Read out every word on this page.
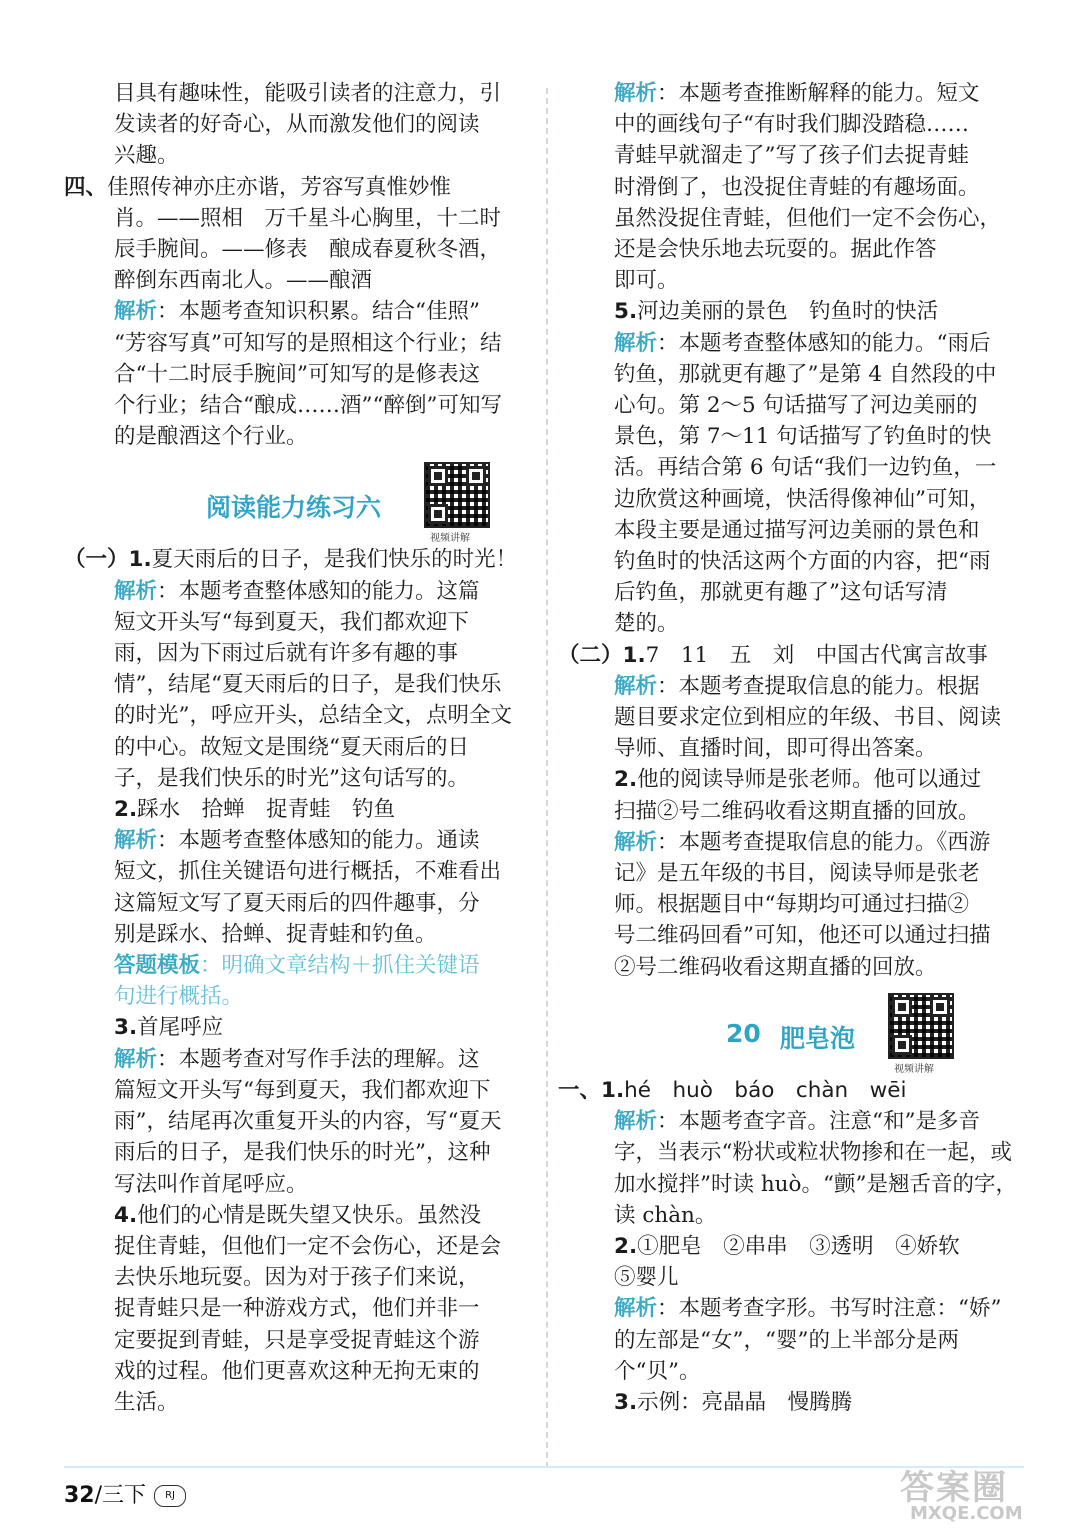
目具有趣味性，能吸引读者的注意力，引
发读者的好奇心，从而激发他们的阅读
兴趣。
四、佳照传神亦庄亦谐，芳容写真惟妙惟
肖。——照相　万千星斗心胸里，十二时
辰手腕间。——修表　酿成春夏秋冬酒，
醉倒东西南北人。——酿酒
解析：本题考查知识积累。结合“佳照”
“芳容写真”可知写的是照相这个行业；结
合“十二时辰手腕间”可知写的是修表这
个行业；结合“酿成……酒”“醉倒”可知写
的是酿酒这个行业。
阅读能力练习六
视频讲解
（一）1.夏天雨后的日子，是我们快乐的时光！
解析：本题考查整体感知的能力。这篇
短文开头写“每到夏天，我们都欢迎下
雨，因为下雨过后就有许多有趣的事
情”，结尾“夏天雨后的日子，是我们快乐
的时光”，呼应开头，总结全文，点明全文
的中心。故短文是围绕“夏天雨后的日
子，是我们快乐的时光”这句话写的。
2.踩水　拾蝉　捉青蛙　钓鱼
解析：本题考查整体感知的能力。通读
短文，抓住关键语句进行概括，不难看出
这篇短文写了夏天雨后的四件趣事，分
别是踩水、拾蝉、捉青蛙和钓鱼。
答题模板：明确文章结构＋抓住关键语
句进行概括。
3.首尾呼应
解析：本题考查对写作手法的理解。这
篇短文开头写“每到夏天，我们都欢迎下
雨”，结尾再次重复开头的内容，写“夏天
雨后的日子，是我们快乐的时光”，这种
写法叫作首尾呼应。
4.他们的心情是既失望又快乐。虽然没
捉住青蛙，但他们一定不会伤心，还是会
去快乐地玩耍。因为对于孩子们来说，
捉青蛙只是一种游戏方式，他们并非一
定要捉到青蛙，只是享受捉青蛙这个游
戏的过程。他们更喜欢这种无拘无束的
生活。
解析：本题考查推断解释的能力。短文
中的画线句子“有时我们脚没踏稳……
青蛙早就溜走了”写了孩子们去捉青蛙
时滑倒了，也没捉住青蛙的有趣场面。
虽然没捉住青蛙，但他们一定不会伤心，
还是会快乐地去玩耍的。据此作答
即可。
5.河边美丽的景色　钓鱼时的快活
解析：本题考查整体感知的能力。“雨后
钓鱼，那就更有趣了”是第 4 自然段的中
心句。第 2～5 句话描写了河边美丽的
景色，第 7～11 句话描写了钓鱼时的快
活。再结合第 6 句话“我们一边钓鱼，一
边欣赏这种画境，快活得像神仙”可知，
本段主要是通过描写河边美丽的景色和
钓鱼时的快活这两个方面的内容，把“雨
后钓鱼，那就更有趣了”这句话写清
楚的。
（二）1.7　11　五　刘　中国古代寓言故事
解析：本题考查提取信息的能力。根据
题目要求定位到相应的年级、书目、阅读
导师、直播时间，即可得出答案。
2.他的阅读导师是张老师。他可以通过
扫描②号二维码收看这期直播的回放。
解析：本题考查提取信息的能力。《西游
记》是五年级的书目，阅读导师是张老
师。根据题目中“每期均可通过扫描②
号二维码回看”可知，他还可以通过扫描
②号二维码收看这期直播的回放。
20 肥皂泡
视频讲解
一、1.hé　huò　báo　chàn　wēi
解析：本题考查字音。注意“和”是多音
字，当表示“粉状或粒状物掺和在一起，或
加水搅拌”时读 huò。“颤”是翘舌音的字，
读 chàn。
2.①肥皂　②串串　③透明　④娇软
⑤婴儿
解析：本题考查字形。书写时注意：“娇”
的左部是“女”，“婴”的上半部分是两
个“贝”。
3.示例：亮晶晶　慢腾腾
32/三下 RJ	答案圈
MXQE.COM
